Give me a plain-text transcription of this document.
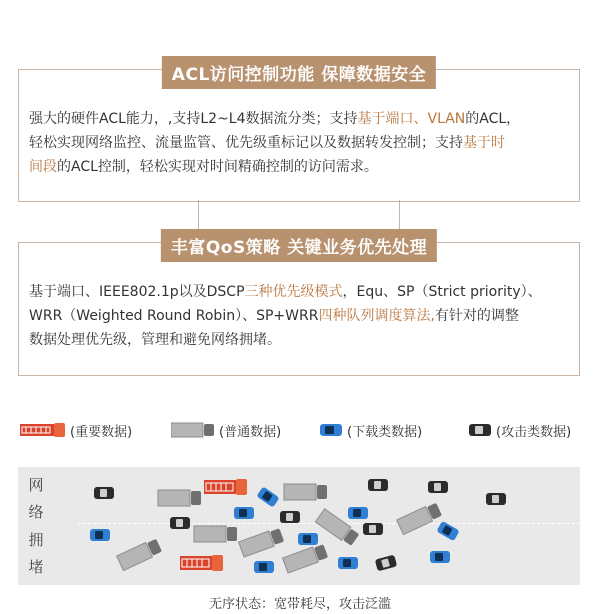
ACL访问控制功能 保障数据安全
强大的硬件ACL能力，,支持L2~L4数据流分类；支持基于端口、VLAN的ACL，
轻松实现网络监控、流量监管、优先级重标记以及数据转发控制；支持基于时
间段的ACL控制，轻松实现对时间精确控制的访问需求。
丰富QoS策略 关键业务优先处理
基于端口、IEEE802.1p以及DSCP三种优先级模式，Equ、SP（Strict priority）、
WRR（Weighted Round Robin）、SP+WRR四种队列调度算法,有针对的调整
数据处理优先级，管理和避免网络拥堵。
(重要数据)	(普通数据)	(下载类数据)	(攻击类数据)
网
络
拥
堵
无序状态：宽带耗尽，攻击泛滥
